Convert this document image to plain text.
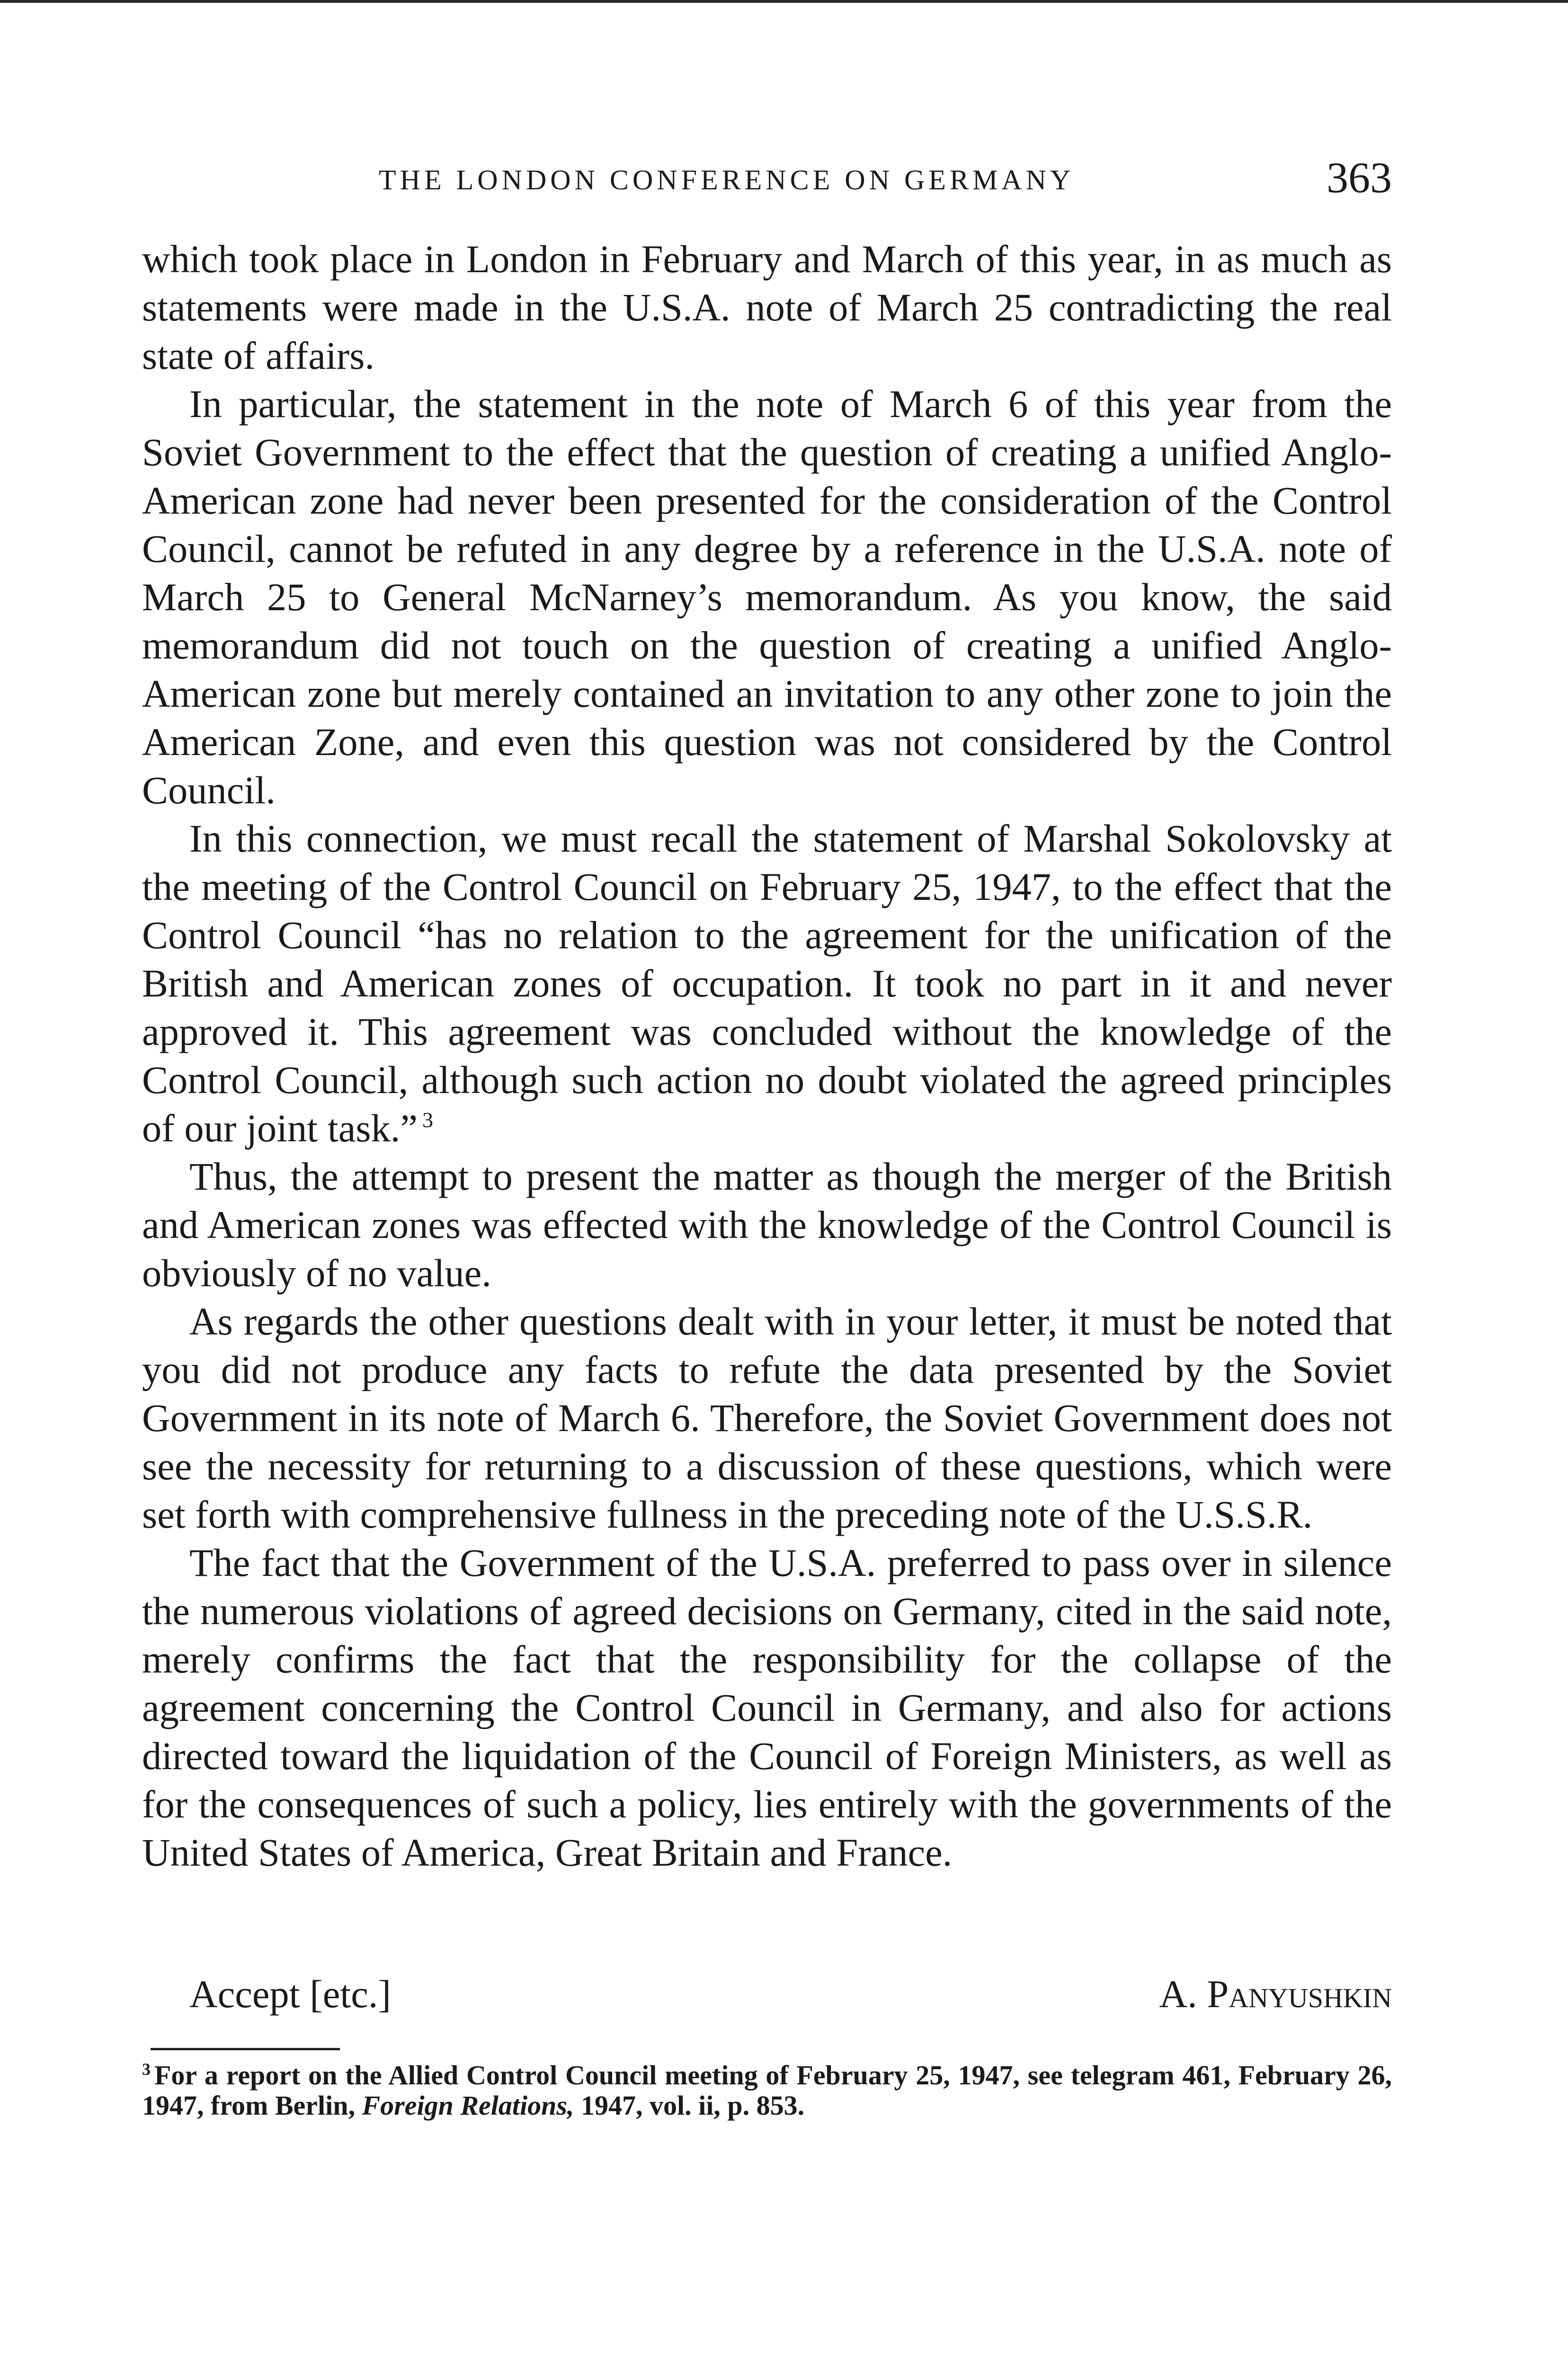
THE LONDON CONFERENCE ON GERMANY	363

which took place in London in February and March of this year, in as much as statements were made in the U.S.A. note of March 25 contradicting the real state of affairs.

In particular, the statement in the note of March 6 of this year from the Soviet Government to the effect that the question of creating a unified Anglo-American zone had never been presented for the consideration of the Control Council, cannot be refuted in any degree by a reference in the U.S.A. note of March 25 to General McNarney’s memorandum. As you know, the said memorandum did not touch on the question of creating a unified Anglo-American zone but merely contained an invitation to any other zone to join the American Zone, and even this question was not considered by the Control Council.

In this connection, we must recall the statement of Marshal Sokolovsky at the meeting of the Control Council on February 25, 1947, to the effect that the Control Council “has no relation to the agreement for the unification of the British and American zones of occupation. It took no part in it and never approved it. This agreement was concluded without the knowledge of the Control Council, although such action no doubt violated the agreed principles of our joint task.” $^3$

Thus, the attempt to present the matter as though the merger of the British and American zones was effected with the knowledge of the Control Council is obviously of no value.

As regards the other questions dealt with in your letter, it must be noted that you did not produce any facts to refute the data presented by the Soviet Government in its note of March 6. Therefore, the Soviet Government does not see the necessity for returning to a discussion of these questions, which were set forth with comprehensive fullness in the preceding note of the U.S.S.R.

The fact that the Government of the U.S.A. preferred to pass over in silence the numerous violations of agreed decisions on Germany, cited in the said note, merely confirms the fact that the responsibility for the collapse of the agreement concerning the Control Council in Germany, and also for actions directed toward the liquidation of the Council of Foreign Ministers, as well as for the consequences of such a policy, lies entirely with the governments of the United States of America, Great Britain and France.

Accept [etc.]	A. Panyushkin
$^3$ For a report on the Allied Control Council meeting of February 25, 1947, see telegram 461, February 26, 1947, from Berlin, Foreign Relations, 1947, vol. ii, p. 853.
